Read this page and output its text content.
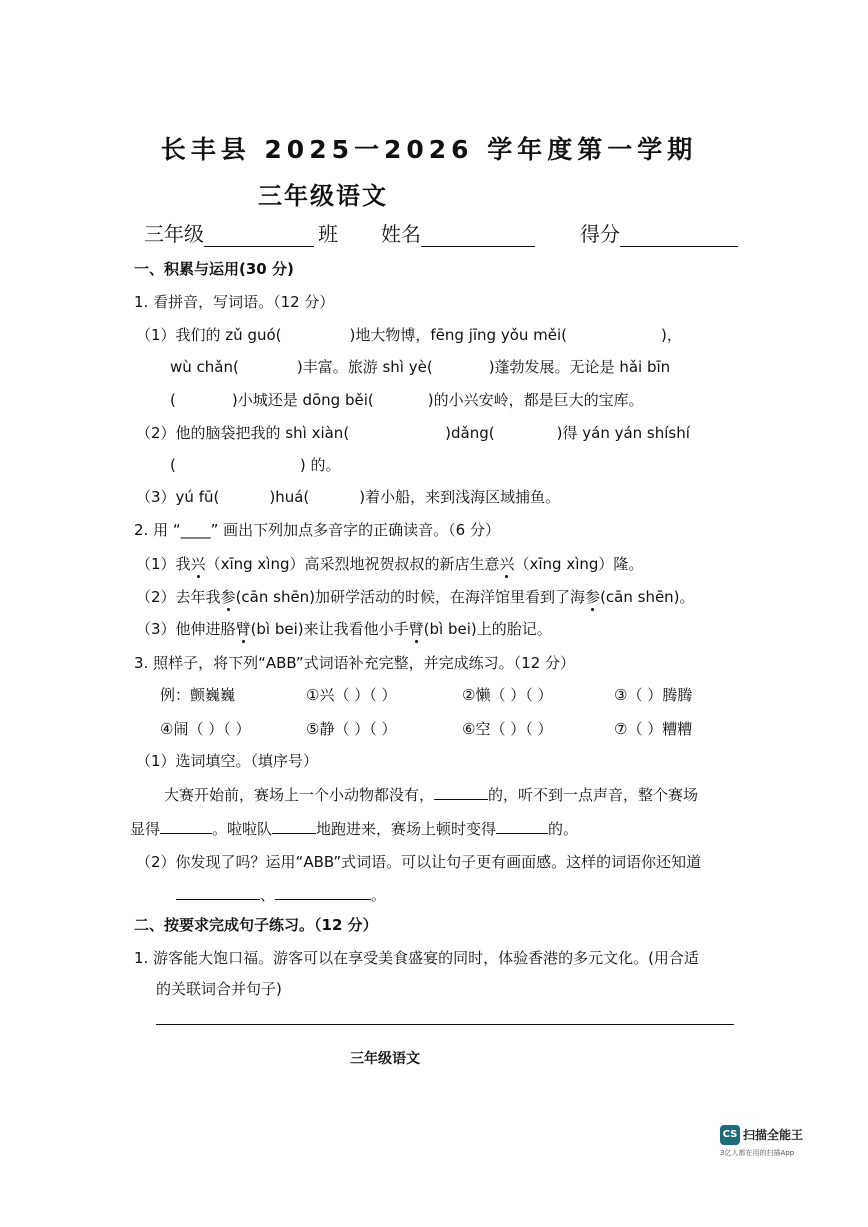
长丰县 2025一2026 学年度第一学期
三年级语文
三年级	班 姓名	得分
一、积累与运用(30 分)
1. 看拼音，写词语。（12 分）
（1）我们的 zǔ guó(	)地大物博，fēng jīng yǒu měi(	)，
wù chǎn(	)丰富。旅游 shì yè(	)蓬勃发展。无论是 hǎi bīn
(	)小城还是 dōng běi(	)的小兴安岭，都是巨大的宝库。
（2）他的脑袋把我的 shì xiàn(	)dǎng(	)得 yán yán shíshí
(	) 的。
（3）yú fū(	)huá(	)着小船，来到浅海区域捕鱼。
2. 用 “____” 画出下列加点多音字的正确读音。（6 分）
（1）我兴（xīng xìng）高采烈地祝贺叔叔的新店生意兴（xīng xìng）隆。
（2）去年我参(cān shēn)加研学活动的时候，在海洋馆里看到了海参(cān shēn)。
（3）他伸进胳臂(bì bei)来让我看他小手臂(bì bei)上的胎记。
3. 照样子，将下列“ABB”式词语补充完整，并完成练习。（12 分）
例：颤巍巍	①兴（ ）（ ）	②懒（ ）（ ）	③（ ）腾腾
④闹（ ）（ ）	⑤静（ ）（ ）	⑥空（ ）（ ）	⑦（ ）糟糟
（1）选词填空。（填序号）
大赛开始前，赛场上一个小动物都没有，	的，听不到一点声音，整个赛场
显得	。啦啦队	地跑进来，赛场上顿时变得	的。
（2）你发现了吗？运用“ABB”式词语。可以让句子更有画面感。这样的词语你还知道
、	。
二、按要求完成句子练习。（12 分）
1. 游客能大饱口福。游客可以在享受美食盛宴的同时，体验香港的多元文化。(用合适
的关联词合并句子)
三年级语文
CS 扫描全能王
3亿人都在用的扫描App
